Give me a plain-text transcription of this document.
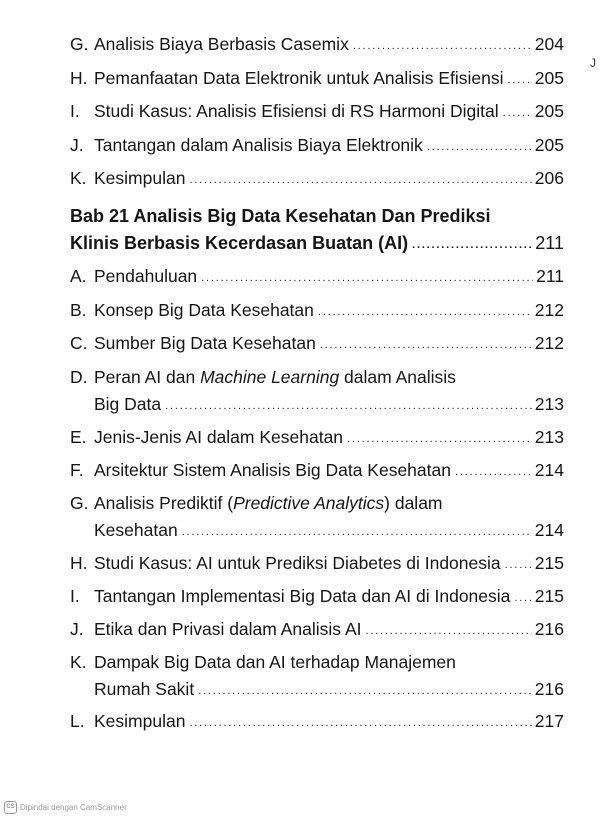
G. Analisis Biaya Berbasis Casemix .....	204
H. Pemanfaatan Data Elektronik untuk Analisis Efisiensi ..... 205
I. Studi Kasus: Analisis Efisiensi di RS Harmoni Digital ..... 205
J. Tantangan dalam Analisis Biaya Elektronik .....	205
K. Kesimpulan .....	206
Bab 21 Analisis Big Data Kesehatan Dan Prediksi
Klinis Berbasis Kecerdasan Buatan (AI) .....	211
A. Pendahuluan .....	211
B. Konsep Big Data Kesehatan .....	212
C. Sumber Big Data Kesehatan .....	212
D. Peran AI dan Machine Learning dalam Analisis
Big Data .....	213
E. Jenis-Jenis AI dalam Kesehatan .....	213
F. Arsitektur Sistem Analisis Big Data Kesehatan .....	214
G. Analisis Prediktif (Predictive Analytics) dalam
Kesehatan .....	214
H. Studi Kasus: AI untuk Prediksi Diabetes di Indonesia ..... 215
I. Tantangan Implementasi Big Data dan AI di Indonesia ..... 215
J. Etika dan Privasi dalam Analisis AI .....	216
K. Dampak Big Data dan AI terhadap Manajemen
Rumah Sakit .....	216
L. Kesimpulan .....	217
J
CS Dipindai dengan CamScanner
